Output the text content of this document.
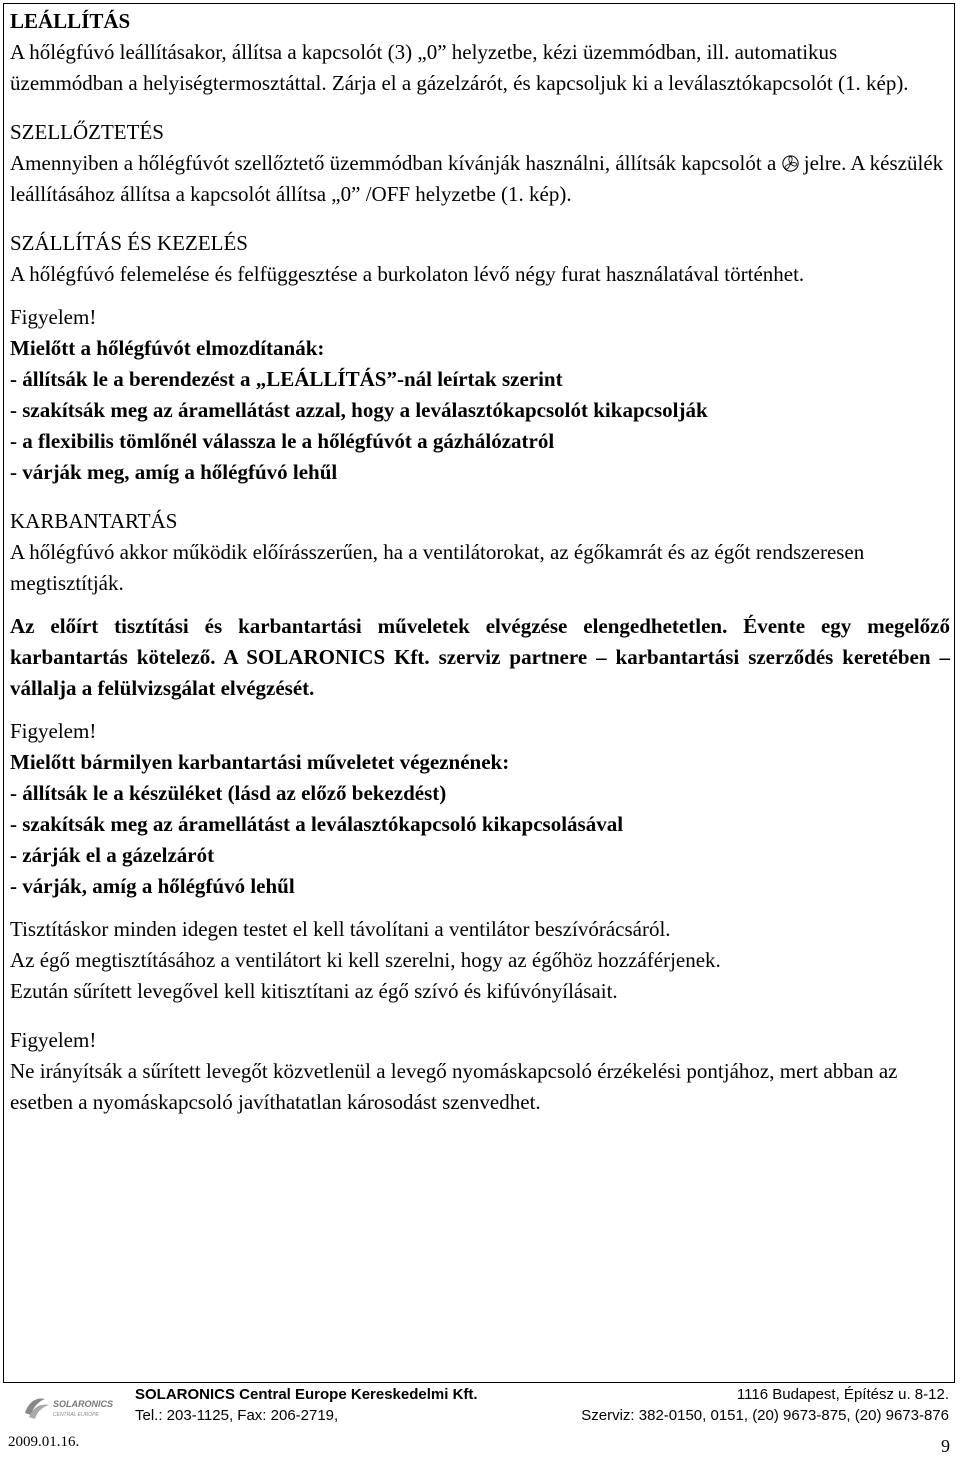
LEÁLLÍTÁS

A hőlégfúvó leállításakor, állítsa a kapcsolót (3) „0” helyzetbe, kézi üzemmódban, ill. automatikus üzemmódban a helyiségtermosztáttal. Zárja el a gázelzárót, és kapcsoljuk ki a leválasztókapcsolót (1. kép).

SZELLŐZTETÉS

Amennyiben a hőlégfúvót szellőztető üzemmódban kívánják használni, állítsák kapcsolót a  jelre. A készülék leállításához állítsa a kapcsolót állítsa „0” /OFF helyzetbe (1. kép).

SZÁLLÍTÁS ÉS KEZELÉS

A hőlégfúvó felemelése és felfüggesztése a burkolaton lévő négy furat használatával történhet.

Figyelem!

Mielőtt a hőlégfúvót elmozdítanák:

- állítsák le a berendezést a „LEÁLLÍTÁS”-nál leírtak szerint

- szakítsák meg az áramellátást azzal, hogy a leválasztókapcsolót kikapcsolják

- a flexibilis tömlőnél válassza le a hőlégfúvót a gázhálózatról

- várják meg, amíg a hőlégfúvó lehűl

KARBANTARTÁS

A hőlégfúvó akkor működik előírásszerűen, ha a ventilátorokat, az égőkamrát és az égőt rendszeresen megtisztítják.

Az előírt tisztítási és karbantartási műveletek elvégzése elengedhetetlen. Évente egy megelőző karbantartás kötelező. A SOLARONICS Kft. szerviz partnere – karbantartási szerződés keretében – vállalja a felülvizsgálat elvégzését.

Figyelem!

Mielőtt bármilyen karbantartási műveletet végeznének:

- állítsák le a készüléket (lásd az előző bekezdést)

- szakítsák meg az áramellátást a leválasztókapcsoló kikapcsolásával

- zárják el a gázelzárót

- várják, amíg a hőlégfúvó lehűl

Tisztításkor minden idegen testet el kell távolítani a ventilátor beszívórácsáról.

Az égő megtisztításához a ventilátort ki kell szerelni, hogy az égőhöz hozzáférjenek.

Ezután sűrített levegővel kell kitisztítani az égő szívó és kifúvónyílásait.

Figyelem!

Ne irányítsák a sűrített levegőt közvetlenül a levegő nyomáskapcsoló érzékelési pontjához, mert abban az esetben a nyomáskapcsoló javíthatatlan károsodást szenvedhet.

SOLARONICS
CENTRAL EUROPE
SOLARONICS Central Europe Kereskedelmi Kft.	1116 Budapest, Építész u. 8-12.
Tel.: 203-1125, Fax: 206-2719,	Szerviz: 382-0150, 0151, (20) 9673-875, (20) 9673-876
2009.01.16.	9
